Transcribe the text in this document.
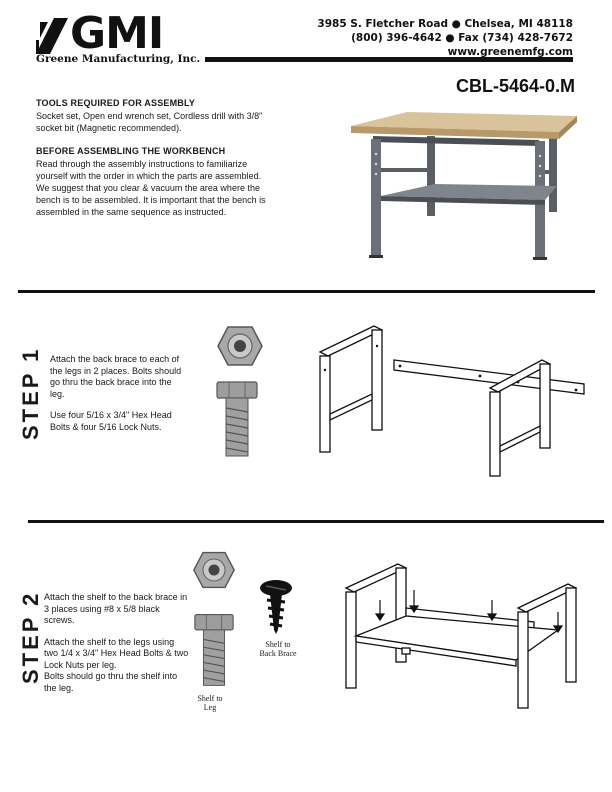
GMI
Greene Manufacturing, Inc.
3985 S. Fletcher Road ● Chelsea, MI 48118
(800) 396-4642 ● Fax (734) 428-7672
www.greenemfg.com
CBL-5464-0.M
TOOLS REQUIRED FOR ASSEMBLY
Socket set, Open end wrench set, Cordless drill with 3/8" socket bit (Magnetic recommended).
BEFORE ASSEMBLING THE WORKBENCH
Read through the assembly instructions to familiarize yourself with the order in which the parts are assembled. We suggest that you clear & vacuum the area where the bench is to be assembled. It is important that the bench is assembled in the same sequence as instructed.
STEP 1 Attach the back brace to each of the legs in 2 places. Bolts should go thru the back brace into the leg.

Use four 5/16 x 3/4" Hex Head Bolts & four 5/16 Lock Nuts.

STEP 2 Attach the shelf to the back brace in 3 places using #8 x 5/8 black screws.

Attach the shelf to the legs using two 1/4 x 3/4" Hex Head Bolts & two Lock Nuts per leg.

Bolts should go thru the shelf into the leg.

Shelf to
Leg
Shelf to
Back Brace
